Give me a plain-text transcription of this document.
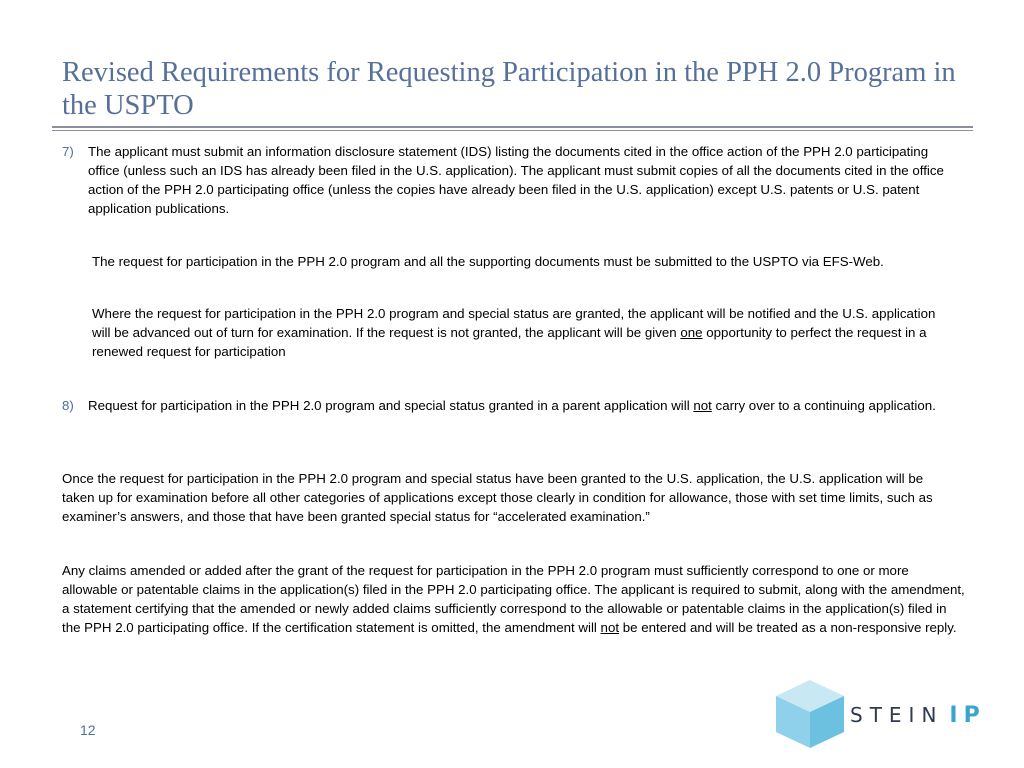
Revised Requirements for Requesting Participation in the PPH 2.0 Program in the USPTO
7) The applicant must submit an information disclosure statement (IDS) listing the documents cited in the office action of the PPH 2.0 participating office (unless such an IDS has already been filed in the U.S. application). The applicant must submit copies of all the documents cited in the office action of the PPH 2.0 participating office (unless the copies have already been filed in the U.S. application) except U.S. patents or U.S. patent application publications.

The request for participation in the PPH 2.0 program and all the supporting documents must be submitted to the USPTO via EFS-Web.

Where the request for participation in the PPH 2.0 program and special status are granted, the applicant will be notified and the U.S. application will be advanced out of turn for examination. If the request is not granted, the applicant will be given one opportunity to perfect the request in a renewed request for participation

8) Request for participation in the PPH 2.0 program and special status granted in a parent application will not carry over to a continuing application.

Once the request for participation in the PPH 2.0 program and special status have been granted to the U.S. application, the U.S. application will be taken up for examination before all other categories of applications except those clearly in condition for allowance, those with set time limits, such as examiner’s answers, and those that have been granted special status for “accelerated examination.”

Any claims amended or added after the grant of the request for participation in the PPH 2.0 program must sufficiently correspond to one or more allowable or patentable claims in the application(s) filed in the PPH 2.0 participating office. The applicant is required to submit, along with the amendment, a statement certifying that the amended or newly added claims sufficiently correspond to the allowable or patentable claims in the application(s) filed in the PPH 2.0 participating office. If the certification statement is omitted, the amendment will not be entered and will be treated as a non-responsive reply.

12
STEIN IP
